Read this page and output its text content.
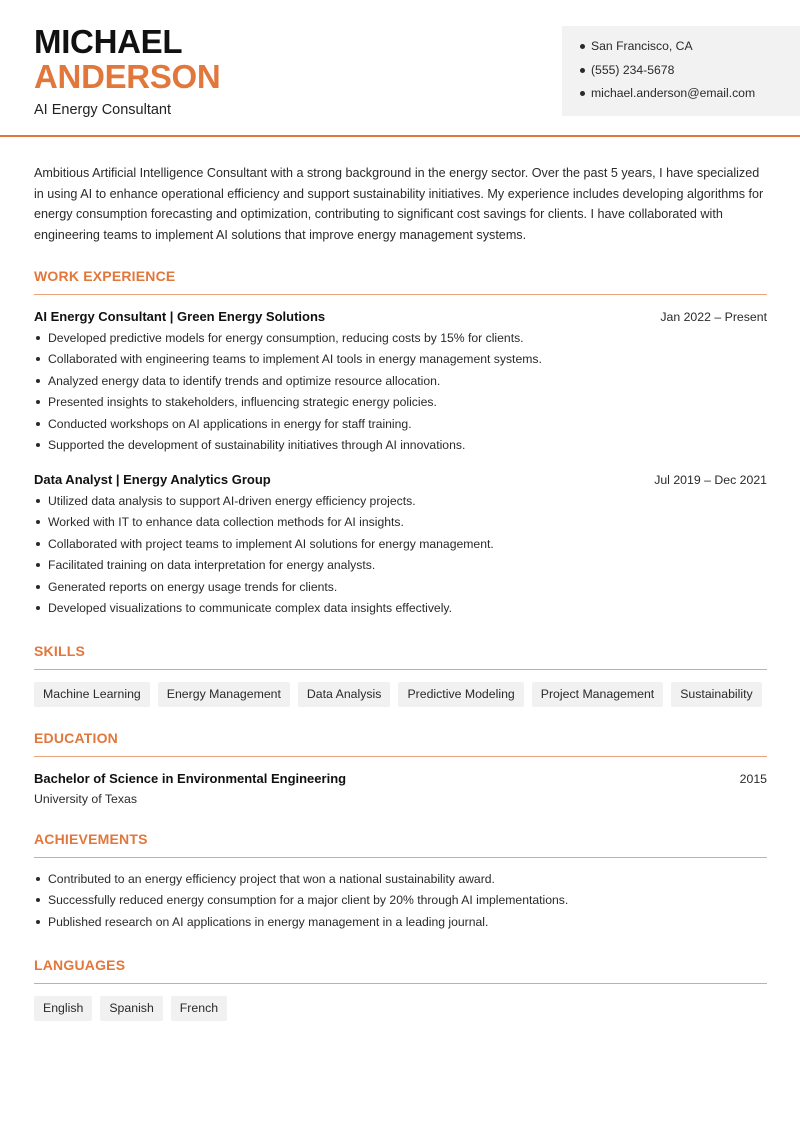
MICHAEL
ANDERSON
AI Energy Consultant
San Francisco, CA
(555) 234-5678
michael.anderson@email.com

Ambitious Artificial Intelligence Consultant with a strong background in the energy sector. Over the past 5 years, I have specialized in using AI to enhance operational efficiency and support sustainability initiatives. My experience includes developing algorithms for energy consumption forecasting and optimization, contributing to significant cost savings for clients. I have collaborated with engineering teams to implement AI solutions that improve energy management systems.

WORK EXPERIENCE
AI Energy Consultant | Green Energy Solutions	Jan 2022 – Present
Developed predictive models for energy consumption, reducing costs by 15% for clients.
Collaborated with engineering teams to implement AI tools in energy management systems.
Analyzed energy data to identify trends and optimize resource allocation.
Presented insights to stakeholders, influencing strategic energy policies.
Conducted workshops on AI applications in energy for staff training.
Supported the development of sustainability initiatives through AI innovations.
Data Analyst | Energy Analytics Group	Jul 2019 – Dec 2021
Utilized data analysis to support AI-driven energy efficiency projects.
Worked with IT to enhance data collection methods for AI insights.
Collaborated with project teams to implement AI solutions for energy management.
Facilitated training on data interpretation for energy analysts.
Generated reports on energy usage trends for clients.
Developed visualizations to communicate complex data insights effectively.
SKILLS
Machine Learning	Energy Management	Data Analysis	Predictive Modeling	Project Management	Sustainability
EDUCATION
Bachelor of Science in Environmental Engineering	2015
University of Texas
ACHIEVEMENTS
Contributed to an energy efficiency project that won a national sustainability award.
Successfully reduced energy consumption for a major client by 20% through AI implementations.
Published research on AI applications in energy management in a leading journal.
LANGUAGES
English	Spanish	French
